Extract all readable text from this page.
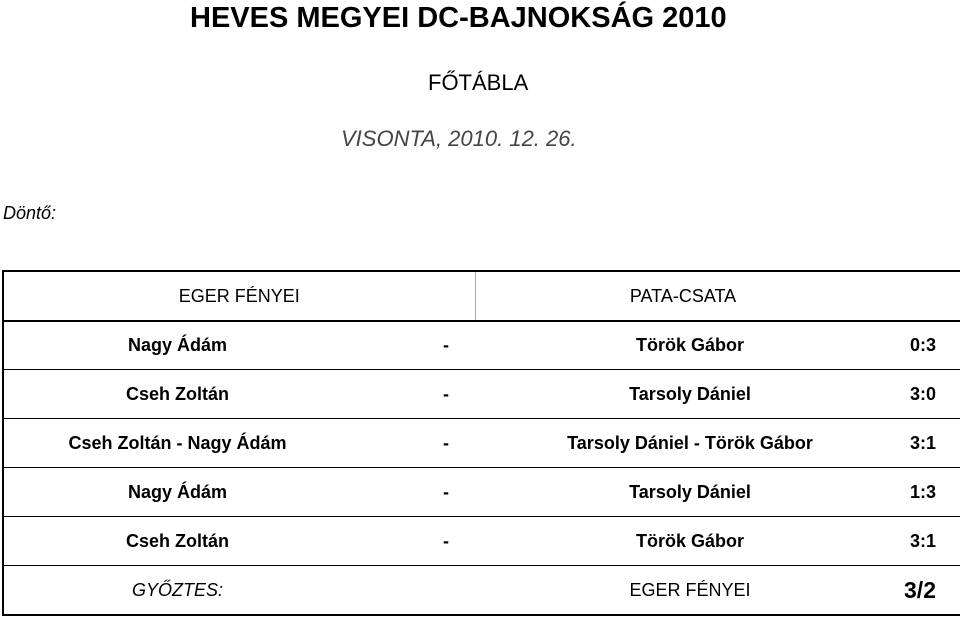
HEVES MEGYEI DC-BAJNOKSÁG 2010
FŐTÁBLA
VISONTA, 2010. 12. 26.
Döntő:
EGER FÉNYEI		PATA-CSATA	
Nagy Ádám	-	Török Gábor	0:3
Cseh Zoltán	-	Tarsoly Dániel	3:0
Cseh Zoltán - Nagy Ádám	-	Tarsoly Dániel - Török Gábor	3:1
Nagy Ádám	-	Tarsoly Dániel	1:3
Cseh Zoltán	-	Török Gábor	3:1
GYŐZTES:		EGER FÉNYEI	3/2
